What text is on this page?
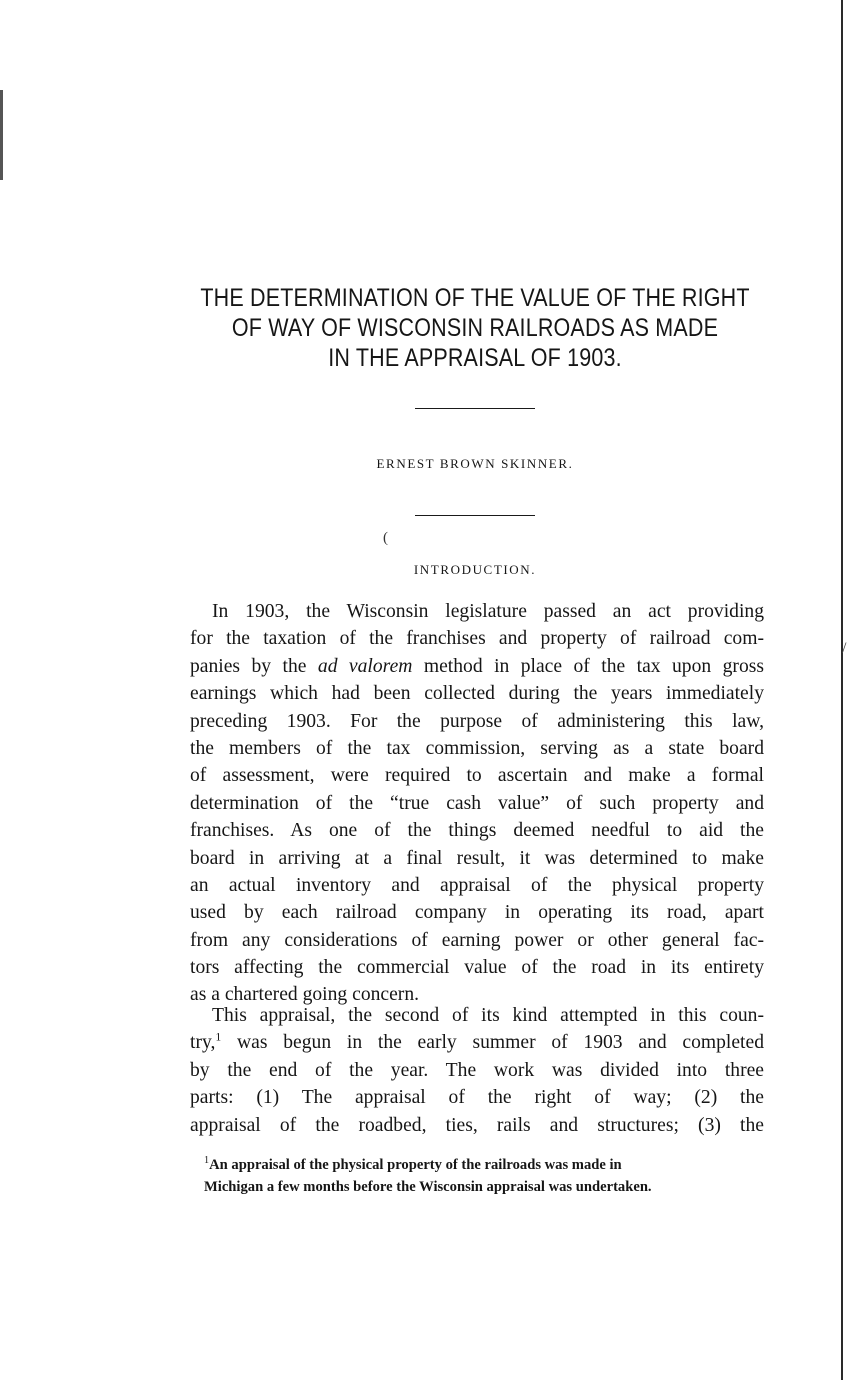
THE DETERMINATION OF THE VALUE OF THE RIGHT
OF WAY OF WISCONSIN RAILROADS AS MADE
IN THE APPRAISAL OF 1903.
ERNEST BROWN SKINNER.
(
INTRODUCTION.
In 1903, the Wisconsin legislature passed an act providing
for the taxation of the franchises and property of railroad com-
panies by the ad valorem method in place of the tax upon gross
earnings which had been collected during the years immediately
preceding 1903. For the purpose of administering this law,
the members of the tax commission, serving as a state board
of assessment, were required to ascertain and make a formal
determination of the “true cash value” of such property and
franchises. As one of the things deemed needful to aid the
board in arriving at a final result, it was determined to make
an actual inventory and appraisal of the physical property
used by each railroad company in operating its road, apart
from any considerations of earning power or other general fac-
tors affecting the commercial value of the road in its entirety
as a chartered going concern.
This appraisal, the second of its kind attempted in this coun-
try,$^1$ was begun in the early summer of 1903 and completed
by the end of the year. The work was divided into three
parts: (1) The appraisal of the right of way; (2) the
appraisal of the roadbed, ties, rails and structures; (3) the
$^1$An appraisal of the physical property of the railroads was made in
Michigan a few months before the Wisconsin appraisal was undertaken.
/
